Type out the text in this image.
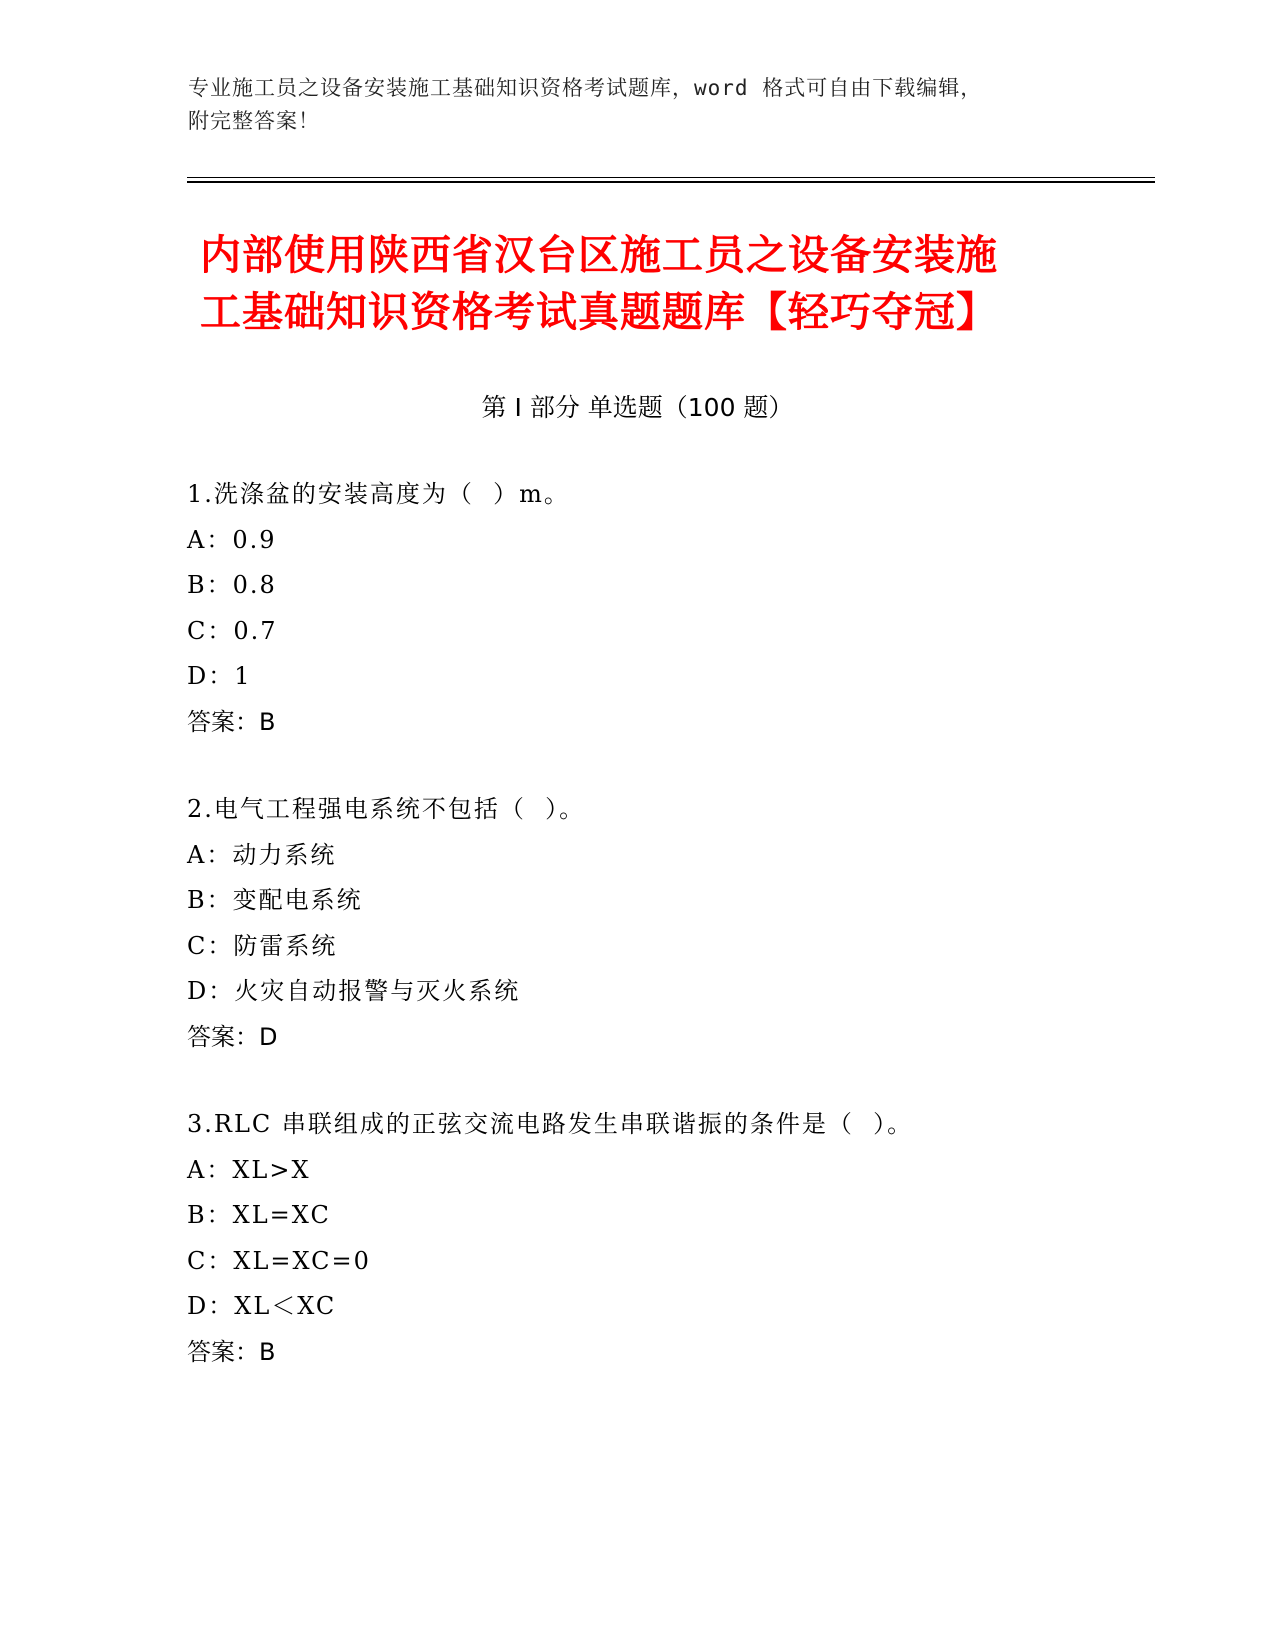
专业施工员之设备安装施工基础知识资格考试题库，word 格式可自由下载编辑，
附完整答案！
内部使用陕西省汉台区施工员之设备安装施
工基础知识资格考试真题题库【轻巧夺冠】
第 I 部分 单选题（100 题）
1.洗涤盆的安装高度为（  ）m。
A：0.9
B：0.8
C：0.7
D：1
答案：B
2.电气工程强电系统不包括（  ）。
A：动力系统
B：变配电系统
C：防雷系统
D：火灾自动报警与灭火系统
答案：D
3.RLC 串联组成的正弦交流电路发生串联谐振的条件是（  ）。
A：XL>X
B：XL=XC
C：XL=XC=0
D：XL＜XC
答案：B
